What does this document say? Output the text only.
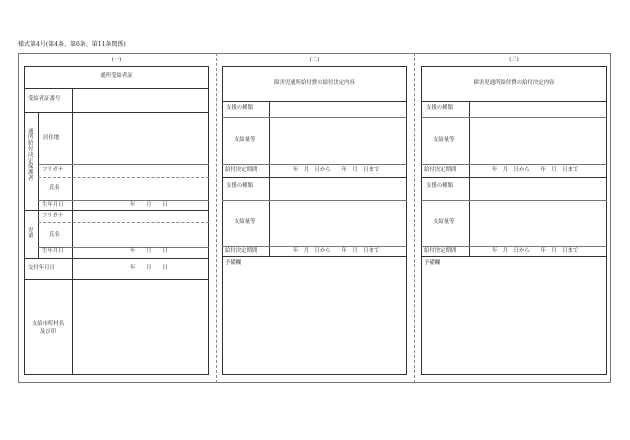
様式第4号(第4条、第6条、第11条関係)
(一)	(二)	(三)
通所受給者証
受給者証番号
通所給付決定保護者 居住地
フリガナ
氏名
生年月日	年　　月　　日
児童
フリガナ
氏名
生年月日	年　　月　　日
交付年月日	年　　月　　日
支給市町村名
及び印
障害児通所給付費の給付決定内容
支援の種類
支給量等
給付決定期間	年　月　日から　　年　月　日まで
支援の種類
支給量等
給付決定期間	年　月　日から　　年　月　日まで
予備欄
障害児通所給付費の給付決定内容
支援の種類
支給量等
給付決定期間	年　月　日から　　年　月　日まで
支援の種類
支給量等
給付決定期間	年　月　日から　　年　月　日まで
予備欄
